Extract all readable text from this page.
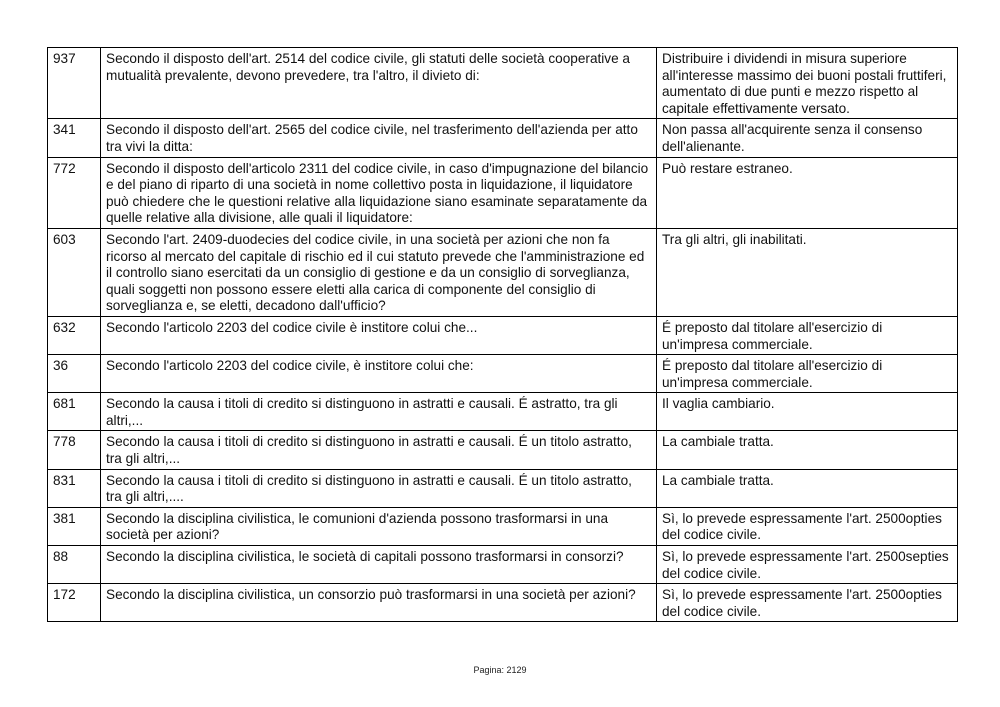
937	Secondo il disposto dell'art. 2514 del codice civile, gli statuti delle società cooperative a mutualità prevalente, devono prevedere, tra l'altro, il divieto di:	Distribuire i dividendi in misura superiore all'interesse massimo dei buoni postali fruttiferi, aumentato di due punti e mezzo rispetto al capitale effettivamente versato.
341	Secondo il disposto dell'art. 2565 del codice civile, nel trasferimento dell'azienda per atto tra vivi la ditta:	Non passa all'acquirente senza il consenso dell'alienante.
772	Secondo il disposto dell'articolo 2311 del codice civile, in caso d'impugnazione del bilancio e del piano di riparto di una società in nome collettivo posta in liquidazione, il liquidatore può chiedere che le questioni relative alla liquidazione siano esaminate separatamente da quelle relative alla divisione, alle quali il liquidatore:	Può restare estraneo.
603	Secondo l'art. 2409-duodecies del codice civile, in una società per azioni che non fa ricorso al mercato del capitale di rischio ed il cui statuto prevede che l'amministrazione ed il controllo siano esercitati da un consiglio di gestione e da un consiglio di sorveglianza, quali soggetti non possono essere eletti alla carica di componente del consiglio di sorveglianza e, se eletti, decadono dall'ufficio?	Tra gli altri, gli inabilitati.
632	Secondo l'articolo 2203 del codice civile è institore colui che...	É preposto dal titolare all'esercizio di un'impresa commerciale.
36	Secondo l'articolo 2203 del codice civile, è institore colui che:	É preposto dal titolare all'esercizio di un'impresa commerciale.
681	Secondo la causa i titoli di credito si distinguono in astratti e causali. É astratto, tra gli altri,...	Il vaglia cambiario.
778	Secondo la causa i titoli di credito si distinguono in astratti e causali. É un titolo astratto, tra gli altri,...	La cambiale tratta.
831	Secondo la causa i titoli di credito si distinguono in astratti e causali. É un titolo astratto, tra gli altri,....	La cambiale tratta.
381	Secondo la disciplina civilistica, le comunioni d'azienda possono trasformarsi in una società per azioni?	Sì, lo prevede espressamente l'art. 2500opties del codice civile.
88	Secondo la disciplina civilistica, le società di capitali possono trasformarsi in consorzi?	Sì, lo prevede espressamente l'art. 2500septies del codice civile.
172	Secondo la disciplina civilistica, un consorzio può trasformarsi in una società per azioni?	Sì, lo prevede espressamente l'art. 2500opties del codice civile.
Pagina: 2129
